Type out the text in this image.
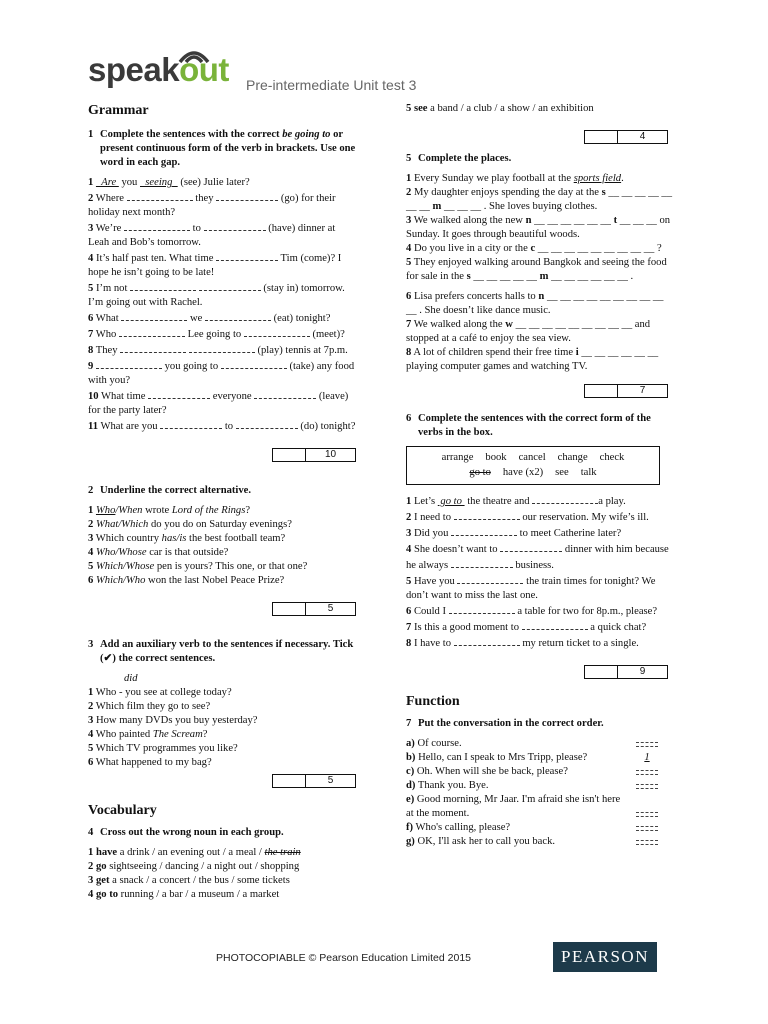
speakout Pre-intermediate Unit test 3
Grammar
1 Complete the sentences with the correct be going to or present continuous form of the verb in brackets. Use one word in each gap.

1   Are  you   seeing   (see) Julie later?

2 Where	they	(go) for their holiday next month?

3 We’re	to	(have) dinner at Leah and Bob’s tomorrow.

4 It’s half past ten. What time	Tim (come)? I hope he isn’t going to be late!

5 I’m not	(stay in) tomorrow. I’m going out with Rachel.

6 What	we	(eat) tonight?

7 Who	Lee going to	(meet)?

8 They	(play) tennis at 7p.m.

9	you going to	(take) any food with you?

10 What time	everyone	(leave) for the party later?

11 What are you	to	(do) tonight?

10
2 Underline the correct alternative.

1 Who/When wrote Lord of the Rings?

2 What/Which do you do on Saturday evenings?

3 Which country has/is the best football team?

4 Who/Whose car is that outside?

5 Which/Whose pen is yours? This one, or that one?

6 Which/Who won the last Nobel Peace Prize?

5
3 Add an auxiliary verb to the sentences if necessary. Tick (✔) the correct sentences.

did

1 Who - you see at college today?

2 Which film they go to see?

3 How many DVDs you buy yesterday?

4 Who painted The Scream?

5 Which TV programmes you like?

6 What happened to my bag?

5
Vocabulary
4 Cross out the wrong noun in each group.

1 have a drink / an evening out / a meal / the train

2 go sightseeing / dancing / a night out / shopping

3 get a snack / a concert / the bus / some tickets

4 go to running / a bar / a museum / a market

5 see a band / a club / a show / an exhibition

4
5 Complete the places.

1 Every Sunday we play football at the sports field.

2 My daughter enjoys spending the day at the s __ __ __ __ __ __ __ m __ __ __ . She loves buying clothes.

3 We walked along the new n __ __ __ __ __ __ t __ __ __ on Sunday. It goes through beautiful woods.

4 Do you live in a city or the c __ __ __ __ __ __ __ __ __ ?

5 They enjoyed walking around Bangkok and seeing the food for sale in the s __ __ __ __ __ m __ __ __ __ __ __ .

6 Lisa prefers concerts halls to n __ __ __ __ __ __ __ __ __ __ . She doesn’t like dance music.

7 We walked along the w __ __ __ __ __ __ __ __ __ and stopped at a café to enjoy the sea view.

8 A lot of children spend their free time i __ __ __ __ __ __ playing computer games and watching TV.

7
6 Complete the sentences with the correct form of the verbs in the box.
arrange book cancel change check
go to have (x2) see talk

1 Let’s  go to  the theatre and	a play.

2 I need to	our reservation. My wife’s ill.

3 Did you	to meet Catherine later?

4 She doesn’t want to	dinner with him because he always	business.

5 Have you	the train times for tonight? We don’t want to miss the last one.

6 Could I	a table for two for 8p.m., please?

7 Is this a good moment to	a quick chat?

8 I have to	my return ticket to a single.

9
Function
7 Put the conversation in the correct order.
a) Of course.
b) Hello, can I speak to Mrs Tripp, please?	1
c) Oh. When will she be back, please?
d) Thank you. Bye.
e) Good morning, Mr Jaar. I'm afraid she isn't here at the moment.
f) Who's calling, please?
g) OK, I'll ask her to call you back.
PHOTOCOPIABLE © Pearson Education Limited 2015	PEARSON
